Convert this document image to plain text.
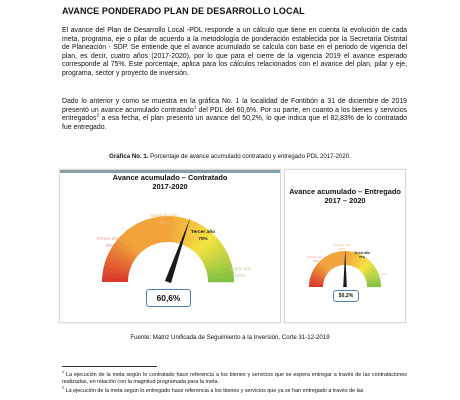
AVANCE PONDERADO PLAN DE DESARROLLO LOCAL

El avance del Plan de Desarrollo Local -PDL responde a un cálculo que tiene en cuenta la evolución de cada meta, programa, eje o pilar de acuerdo a la metodología de ponderación establecida por la Secretaría Distrital de Planeación - SDP. Se entiende que el avance acumulado se calcula con base en el periodo de vigencia del plan, es decir, cuatro años (2017-2020), por lo que para el cierre de la vigencia 2019 el avance esperado corresponde al 75%. Este porcentaje, aplica para los cálculos relacionados con el avance del plan, pilar y eje, programa, sector y proyecto de inversión.

Dado lo anterior y como se muestra en la gráfica No. 1 la localidad de Fontibón a 31 de diciembre de 2019 presentó un avance acumulado contratado$^1$ del PDL del 60,6%. Por su parte, en cuanto a los bienes y servicios entregados$^2$ a esa fecha, el plan presentó un avance del 50,2%, lo que indica que el 82,83% de lo contratado fue entregado.

Gráfica No. 1. Porcentaje de avance acumulado contratado y entregado PDL 2017-2020.
Avance acumulado – Contratado
2017-2020
Primer año
25%
Segundo año
50%
Tercer año
75%
Cuarto año
100%
60,6%
Avance acumulado – Entregado
2017 – 2020
Primer año
25%
Segundo año
50%
Tercer año
75%
Cuarto año
100%
50,2%
Fuente: Matriz Unificada de Seguimiento a la Inversión, Corte 31-12-2019

$^1$ La ejecución de la meta según lo contratado hace referencia a los bienes y servicios que se espera entregar a través de las contrataciones realizadas, en relación con la magnitud programada para la meta.

$^2$ La ejecución de la meta según lo entregado hace referencia a los bienes y servicios que ya se han entregado a través de las
